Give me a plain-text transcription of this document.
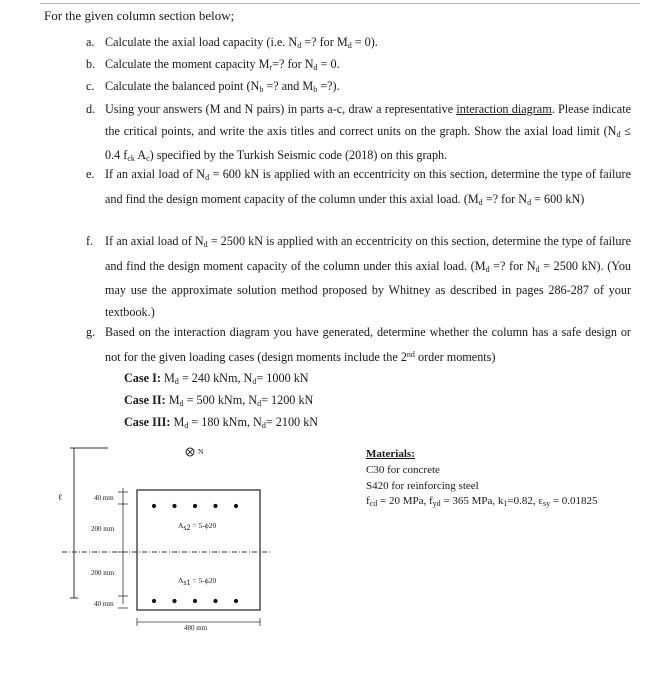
For the given column section below;
a. Calculate the axial load capacity (i.e. $N_d$ =? for $M_d = 0$).
b. Calculate the moment capacity $M_r=$? for $N_d = 0$.
c. Calculate the balanced point ($N_b$ =? and $M_b$ =?).
d. Using your answers (M and N pairs) in parts a-c, draw a representative interaction diagram. Please indicate the critical points, and write the axis titles and correct units on the graph. Show the axial load limit ($N_d \le 0.4$ $f_{ck}$ $A_c$) specified by the Turkish Seismic code (2018) on this graph.
e. If an axial load of $N_d = 600$ kN is applied with an eccentricity on this section, determine the type of failure and find the design moment capacity of the column under this axial load. ($M_d$ =? for $N_d = 600$ kN)
f. If an axial load of $N_d = 2500$ kN is applied with an eccentricity on this section, determine the type of failure and find the design moment capacity of the column under this axial load. ($M_d$ =? for $N_d = 2500$ kN). (You may use the approximate solution method proposed by Whitney as described in pages 286-287 of your textbook.)
g. Based on the interaction diagram you have generated, determine whether the column has a safe design or not for the given loading cases (design moments include the 2nd order moments)
Case I: $M_d = 240$ kNm, $N_d= 1000$ kN
Case II: $M_d = 500$ kNm, $N_d= 1200$ kN
Case III: $M_d = 180$ kNm, $N_d= 2100$ kN
N
ℓ	40 mm
200 mm
200 mm
40 mm
$A_{s2} = 5-\phi 20$
$A_{s1} = 5-\phi 20$
480 mm
Materials:
C30 for concrete
S420 for reinforcing steel
$f_{cd} = 20$ MPa, $f_{yd} = 365$ MPa, $k_1=0.82$, $\varepsilon_{sy} = 0.01825$
